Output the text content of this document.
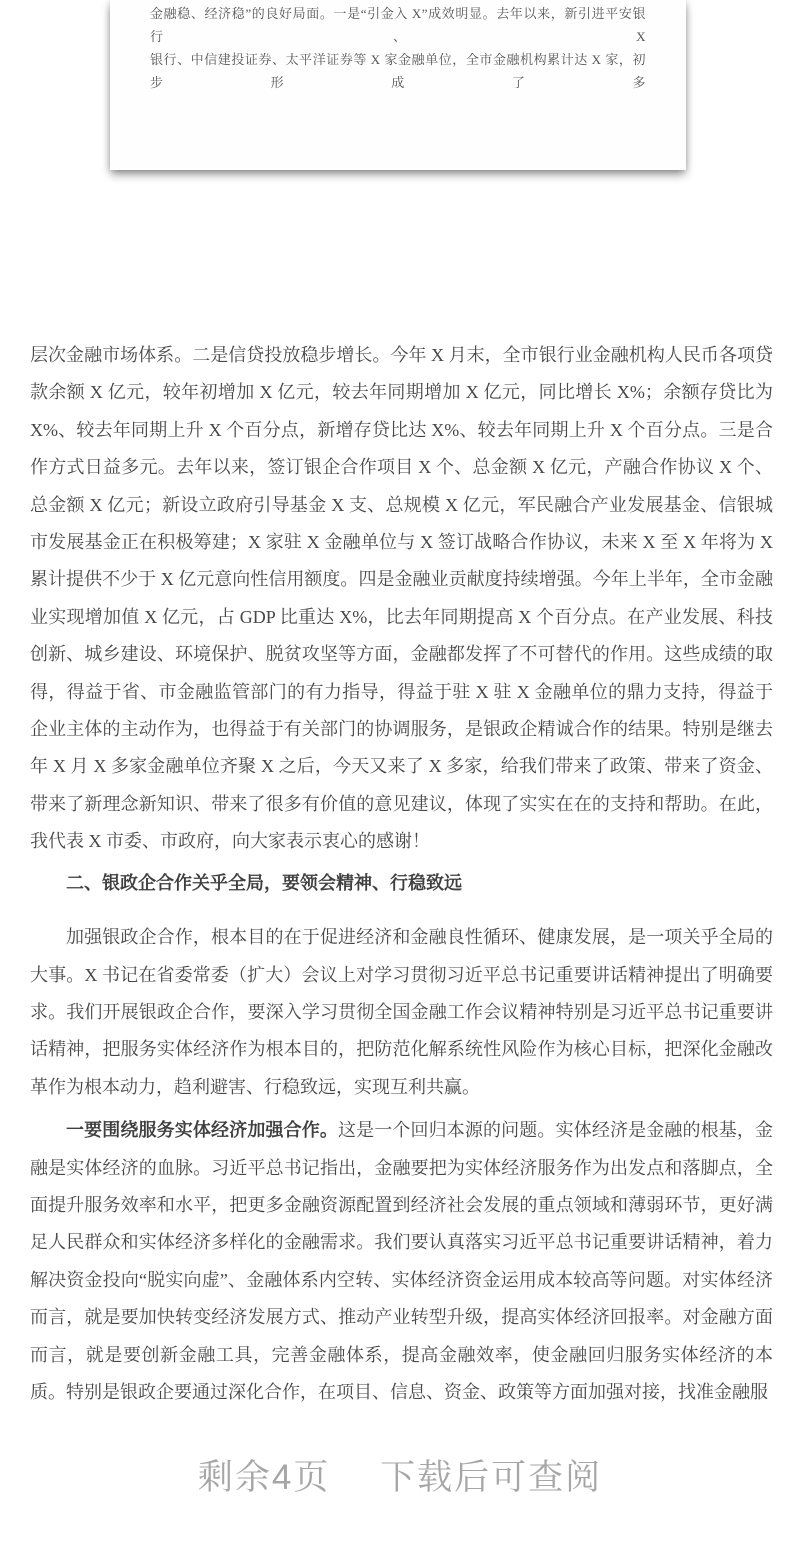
金融稳、经济稳”的良好局面。一是“引金入 X”成效明显。去年以来，新引进平安银行、X

银行、中信建投证券、太平洋证券等 X 家金融单位，全市金融机构累计达 X 家，初步形成了多

层次金融市场体系。二是信贷投放稳步增长。今年 X 月末，全市银行业金融机构人民币各项贷款余额 X 亿元，较年初增加 X 亿元，较去年同期增加 X 亿元，同比增长 X%；余额存贷比为 X%、较去年同期上升 X 个百分点，新增存贷比达 X%、较去年同期上升 X 个百分点。三是合作方式日益多元。去年以来，签订银企合作项目 X 个、总金额 X 亿元，产融合作协议 X 个、总金额 X 亿元；新设立政府引导基金 X 支、总规模 X 亿元，军民融合产业发展基金、信银城市发展基金正在积极筹建；X 家驻 X 金融单位与 X 签订战略合作协议，未来 X 至 X 年将为 X 累计提供不少于 X 亿元意向性信用额度。四是金融业贡献度持续增强。今年上半年，全市金融业实现增加值 X 亿元，占 GDP 比重达 X%，比去年同期提高 X 个百分点。在产业发展、科技创新、城乡建设、环境保护、脱贫攻坚等方面，金融都发挥了不可替代的作用。这些成绩的取得，得益于省、市金融监管部门的有力指导，得益于驻 X 驻 X 金融单位的鼎力支持，得益于企业主体的主动作为，也得益于有关部门的协调服务，是银政企精诚合作的结果。特别是继去年 X 月 X 多家金融单位齐聚 X 之后，今天又来了 X 多家，给我们带来了政策、带来了资金、带来了新理念新知识、带来了很多有价值的意见建议，体现了实实在在的支持和帮助。在此，我代表 X 市委、市政府，向大家表示衷心的感谢！

二、银政企合作关乎全局，要领会精神、行稳致远

加强银政企合作，根本目的在于促进经济和金融良性循环、健康发展，是一项关乎全局的大事。X 书记在省委常委（扩大）会议上对学习贯彻习近平总书记重要讲话精神提出了明确要求。我们开展银政企合作，要深入学习贯彻全国金融工作会议精神特别是习近平总书记重要讲话精神，把服务实体经济作为根本目的，把防范化解系统性风险作为核心目标，把深化金融改革作为根本动力，趋利避害、行稳致远，实现互利共赢。

一要围绕服务实体经济加强合作。这是一个回归本源的问题。实体经济是金融的根基，金融是实体经济的血脉。习近平总书记指出，金融要把为实体经济服务作为出发点和落脚点，全面提升服务效率和水平，把更多金融资源配置到经济社会发展的重点领域和薄弱环节，更好满足人民群众和实体经济多样化的金融需求。我们要认真落实习近平总书记重要讲话精神，着力解决资金投向“脱实向虚”、金融体系内空转、实体经济资金运用成本较高等问题。对实体经济而言，就是要加快转变经济发展方式、推动产业转型升级，提高实体经济回报率。对金融方面而言，就是要创新金融工具，完善金融体系，提高金融效率，使金融回归服务实体经济的本质。特别是银政企要通过深化合作，在项目、信息、资金、政策等方面加强对接，找准金融服

剩余4页 下载后可查阅
